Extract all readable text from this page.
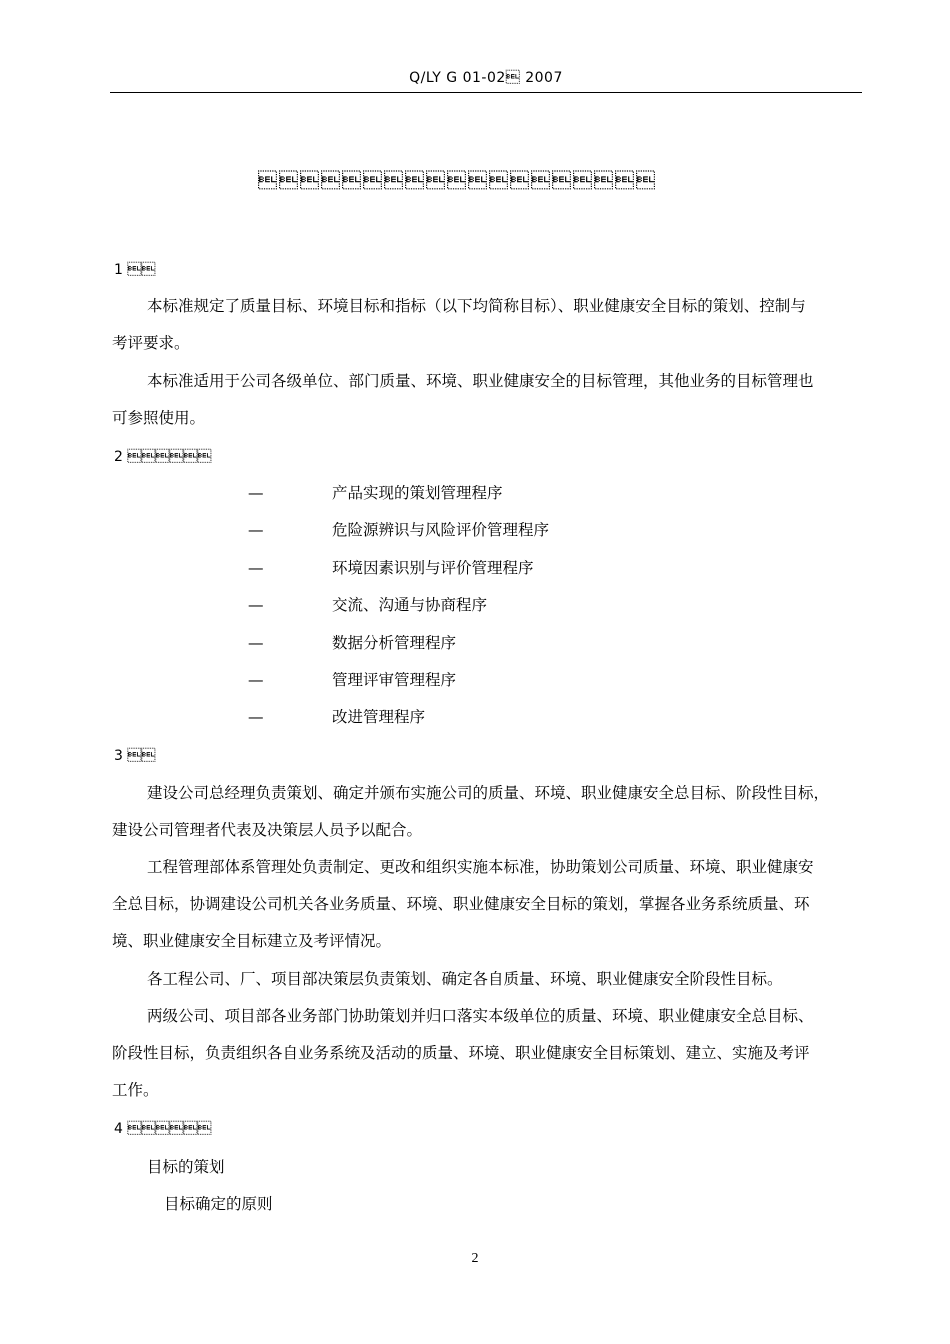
Q/LY G 01-02 2007

1 
本标准规定了质量目标、环境目标和指标（以下均简称目标）、职业健康安全目标的策划、控制与
考评要求。
本标准适用于公司各级单位、部门质量、环境、职业健康安全的目标管理，其他业务的目标管理也
可参照使用。
2 
—	产品实现的策划管理程序
—	危险源辨识与风险评价管理程序
—	环境因素识别与评价管理程序
—	交流、沟通与协商程序
—	数据分析管理程序
—	管理评审管理程序
—	改进管理程序
3 
建设公司总经理负责策划、确定并颁布实施公司的质量、环境、职业健康安全总目标、阶段性目标，
建设公司管理者代表及决策层人员予以配合。
工程管理部体系管理处负责制定、更改和组织实施本标准，协助策划公司质量、环境、职业健康安
全总目标，协调建设公司机关各业务质量、环境、职业健康安全目标的策划，掌握各业务系统质量、环
境、职业健康安全目标建立及考评情况。
各工程公司、厂、项目部决策层负责策划、确定各自质量、环境、职业健康安全阶段性目标。
两级公司、项目部各业务部门协助策划并归口落实本级单位的质量、环境、职业健康安全总目标、
阶段性目标，负责组织各自业务系统及活动的质量、环境、职业健康安全目标策划、建立、实施及考评
工作。
4 
目标的策划
目标确定的原则
2
